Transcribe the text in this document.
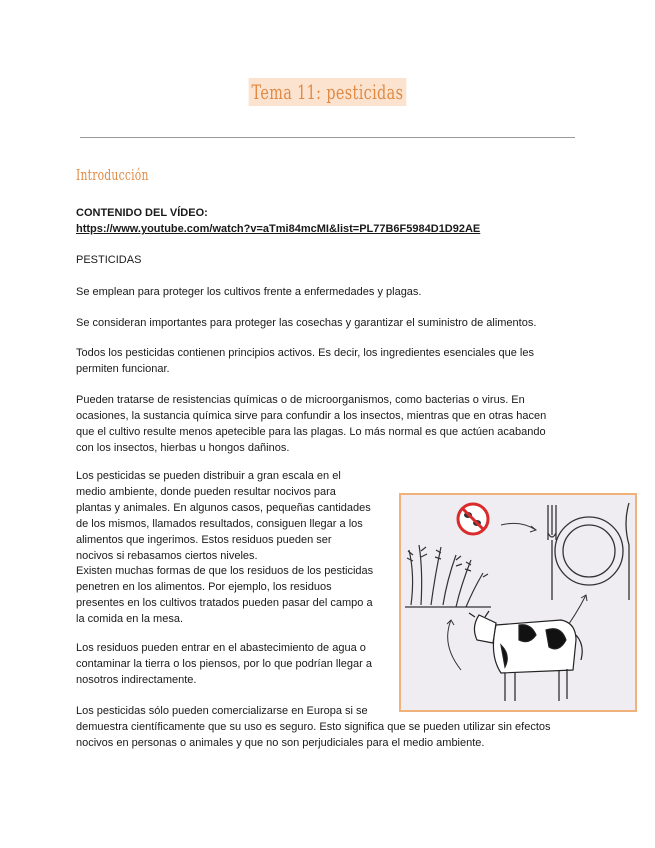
Tema 11: pesticidas
Introducción

CONTENIDO DEL VÍDEO:

https://www.youtube.com/watch?v=aTmi84mcMI&list=PL77B6F5984D1D92AE

PESTICIDAS

Se emplean para proteger los cultivos frente a enfermedades y plagas.

Se consideran importantes para proteger las cosechas y garantizar el suministro de alimentos.

Todos los pesticidas contienen principios activos. Es decir, los ingredientes esenciales que les permiten funcionar.

Pueden tratarse de resistencias químicas o de microorganismos, como bacterias o virus. En ocasiones, la sustancia química sirve para confundir a los insectos, mientras que en otras hacen que el cultivo resulte menos apetecible para las plagas. Lo más normal es que actúen acabando con los insectos, hierbas u hongos dañinos.

Los pesticidas se pueden distribuir a gran escala en el medio ambiente, donde pueden resultar nocivos para plantas y animales. En algunos casos, pequeñas cantidades de los mismos, llamados resultados, consiguen llegar a los alimentos que ingerimos. Estos residuos pueden ser nocivos si rebasamos ciertos niveles.

Existen muchas formas de que los residuos de los pesticidas penetren en los alimentos. Por ejemplo, los residuos presentes en los cultivos tratados pueden pasar del campo a la comida en la mesa.

Los residuos pueden entrar en el abastecimiento de agua o contaminar la tierra o los piensos, por lo que podrían llegar a nosotros indirectamente.

Los pesticidas sólo pueden comercializarse en Europa si se demuestra científicamente que su uso es seguro. Esto significa que se pueden utilizar sin efectos nocivos en personas o animales y que no son perjudiciales para el medio ambiente.
